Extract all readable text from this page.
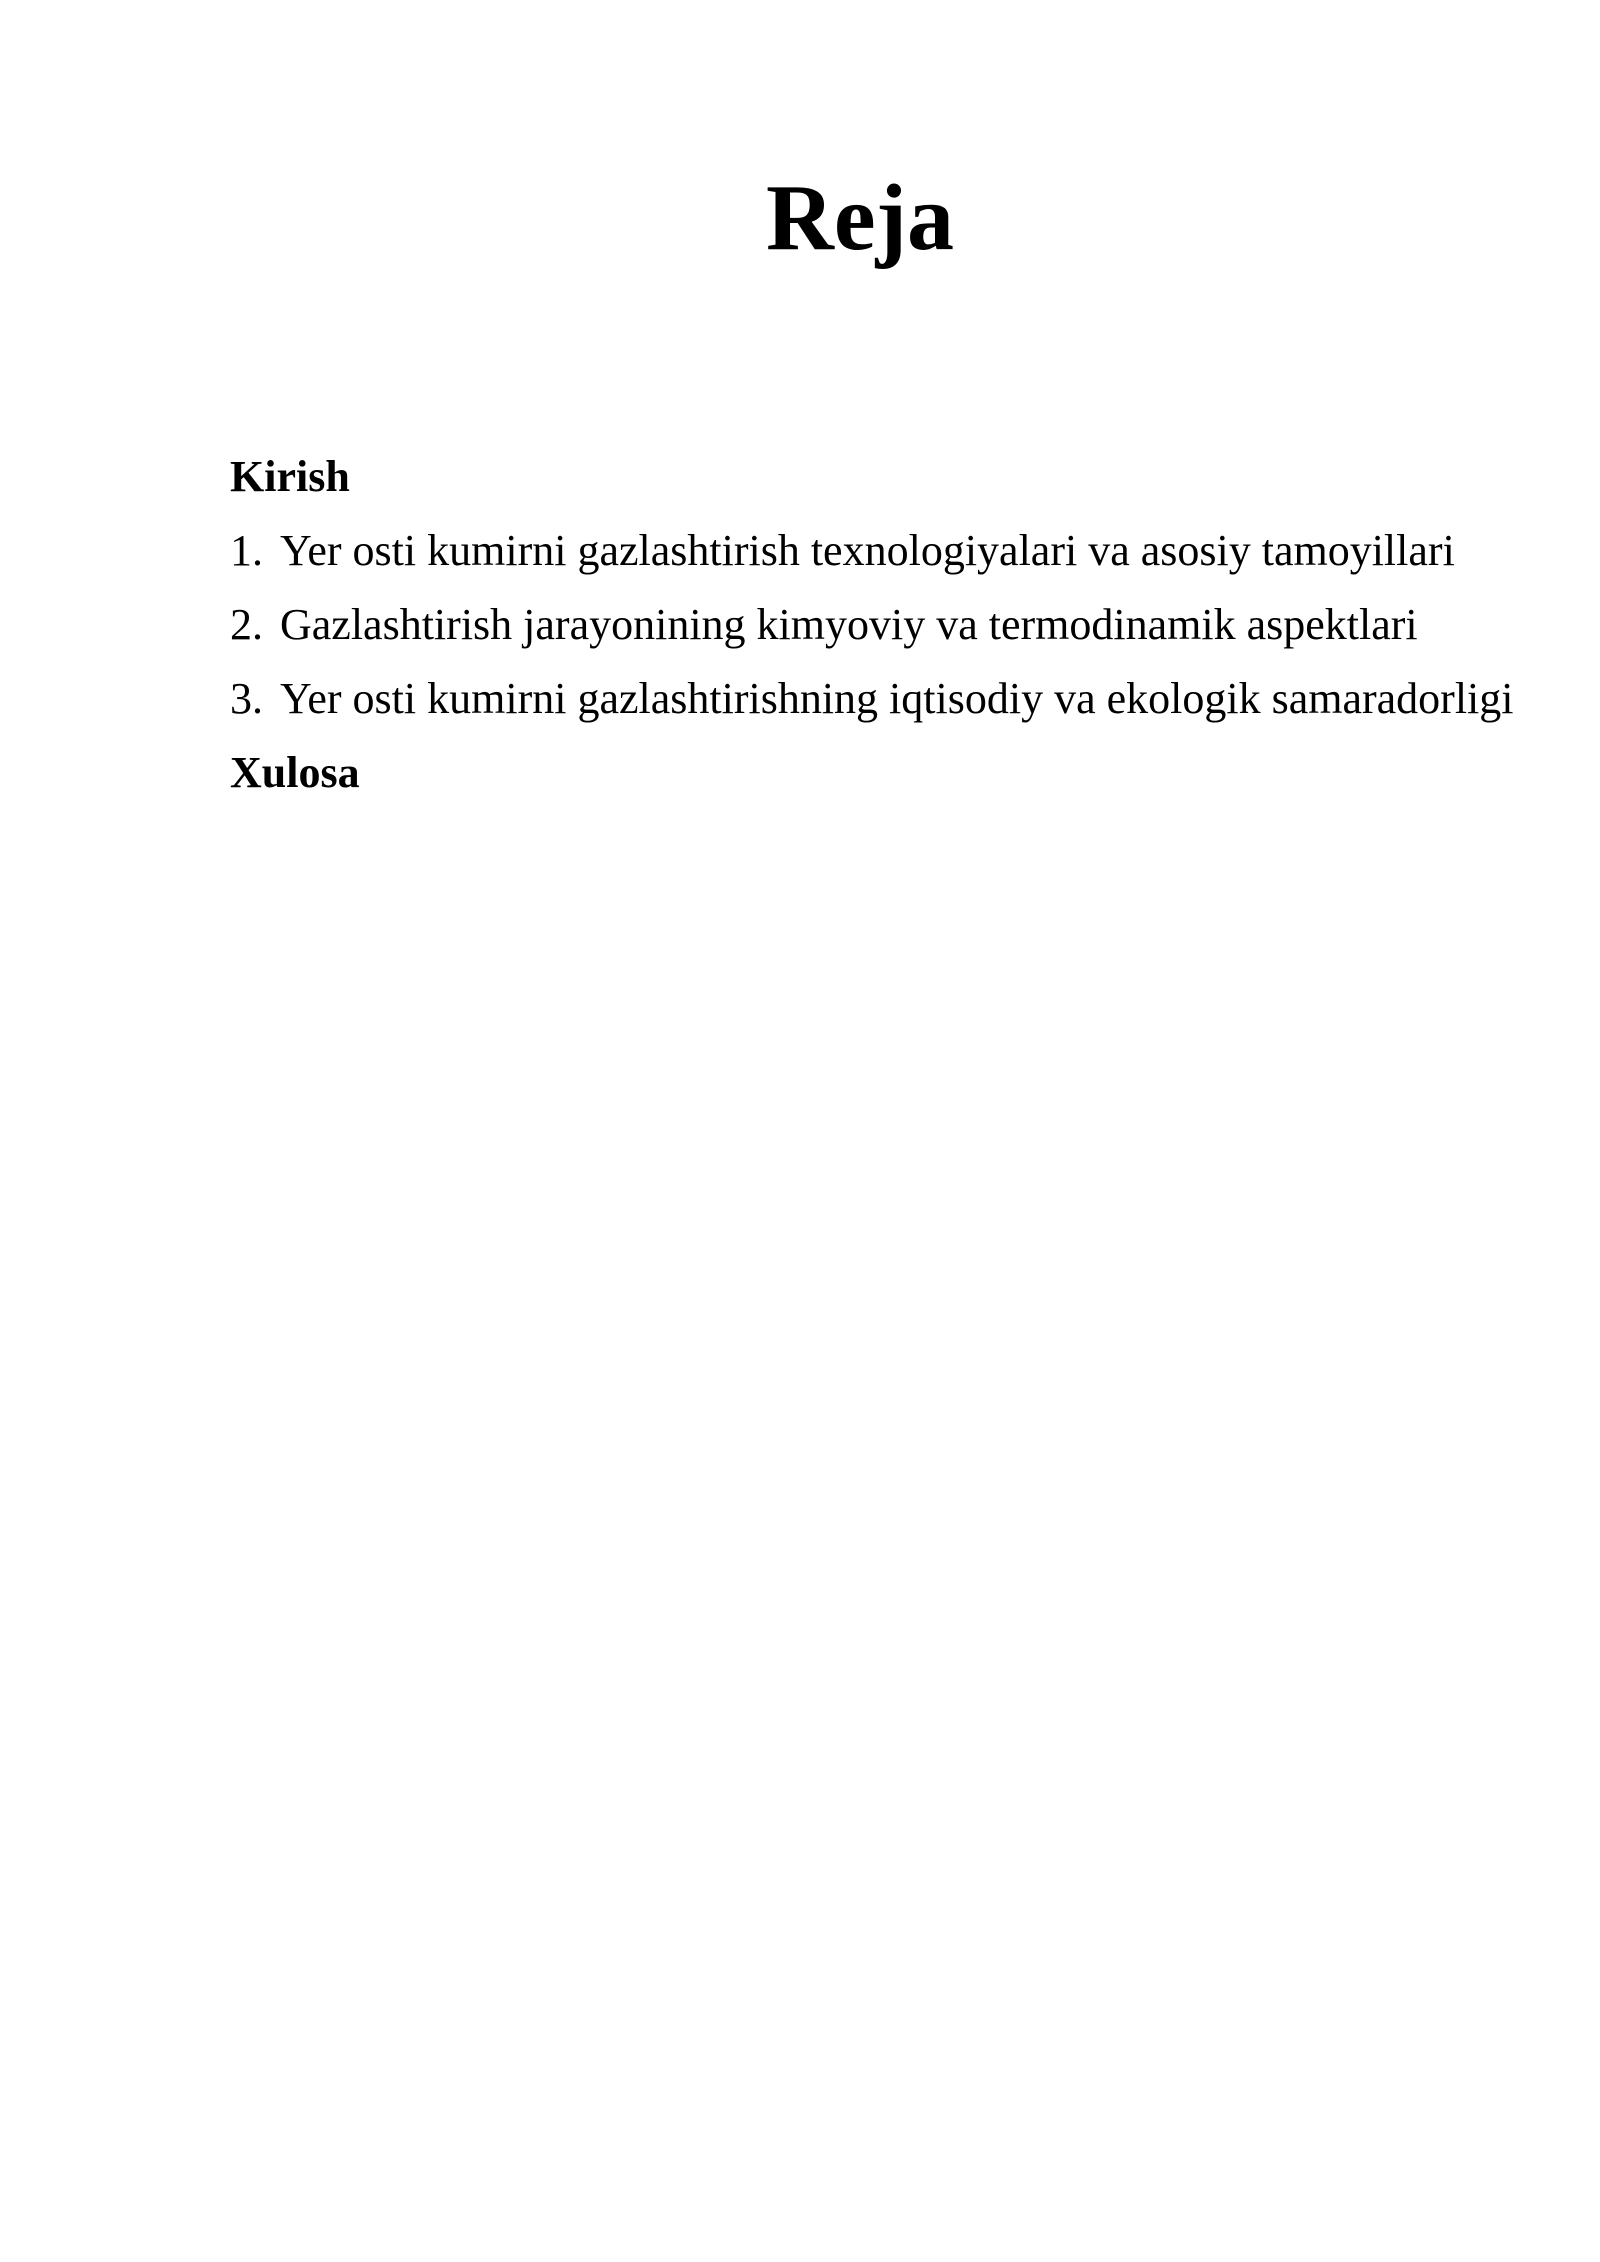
Reja
Kirish
1. Yer osti kumirni gazlashtirish texnologiyalari va asosiy tamoyillari
2. Gazlashtirish jarayonining kimyoviy va termodinamik aspektlari
3. Yer osti kumirni gazlashtirishning iqtisodiy va ekologik samaradorligi
Xulosa
